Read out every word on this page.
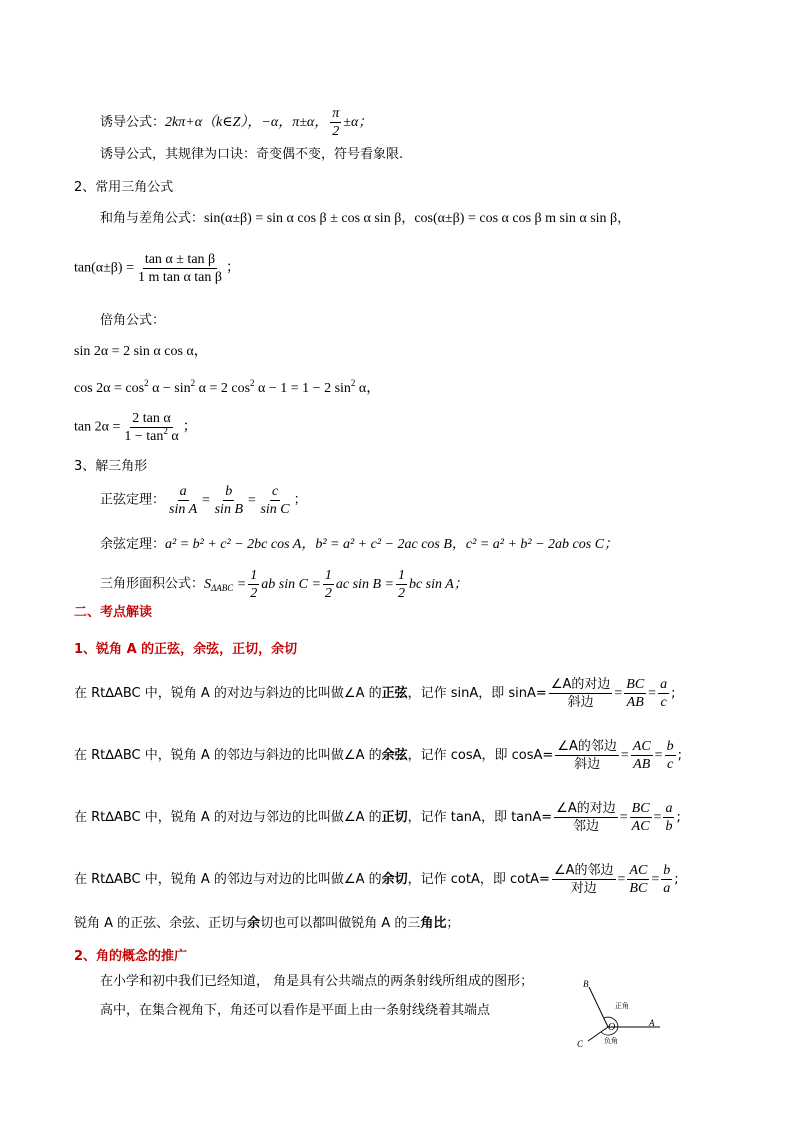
诱导公式：2kπ+α（k∈Z），−α，π±α， $\frac{\pi}{2} \pm\alpha$；
诱导公式，其规律为口诀：奇变偶不变，符号看象限.
2、常用三角公式
和角与差角公式：sin(α±β) = sin α cos β ± cos α sin β，cos(α±β) = cos α cos β m sin α sin β，
$\tan(\alpha\pm\beta) = \frac{\text{tan α ± tan β}}{\text{1 m tan α tan β}}$ ；
倍角公式：
sin 2α = 2 sin α cos α，
$\cos 2\alpha = \cos^2 \alpha - \sin^2 \alpha = 2$ $\cos^2 \alpha - 1 = 1 - 2$ $\sin^2 \alpha$，
$\tan 2\alpha = \frac{\text{2 tan α}}{1 - \tan^2 \alpha}$ ；
3、解三角形
正弦定理： $\frac{a}{\text{sin A}} = \frac{b}{\text{sin B}} = \frac{c}{\text{sin C}}$ ；
余弦定理：a² = b² + c² − 2bc cos A，b² = a² + c² − 2ac cos B，c² = a² + b² − 2ab cos C；
三角形面积公式：$S_{\Delta ABC} = \frac{1}{2}$ ab $\sin C = \frac{1}{2}$ ac $\sin B = \frac{1}{2}$ bc sin A；
二、考点解读
1、锐角 A 的正弦，余弦，正切，余切
在 Rt∆ABC 中，锐角 A 的对边与斜边的比叫做∠A 的正弦，记作 sinA，即 sinA=
∠A的对边
斜边
= $\frac{BC}{AB} = \frac{a}{c}$ ;
在 Rt∆ABC 中，锐角 A 的邻边与斜边的比叫做∠A 的余弦，记作 cosA，即 cosA=
∠A的邻边
斜边
= $\frac{AC}{AB} = \frac{b}{c}$ ;
在 Rt∆ABC 中，锐角 A 的对边与邻边的比叫做∠A 的正切，记作 tanA，即 tanA=
∠A的对边
邻边
= $\frac{BC}{AC} = \frac{a}{b}$ ;
在 Rt∆ABC 中，锐角 A 的邻边与对边的比叫做∠A 的余切，记作 cotA，即 cotA=
∠A的邻边
对边
= $\frac{AC}{BC} = \frac{b}{a}$ ;
锐角 A 的正弦、余弦、正切与余切也可以都叫做锐角 A 的三角比；
2、角的概念的推广
在小学和初中我们已经知道， 角是具有公共端点的两条射线所组成的图形；
高中，在集合视角下，角还可以看作是平面上由一条射线绕着其端点
B
A
C
O
正角
负角
